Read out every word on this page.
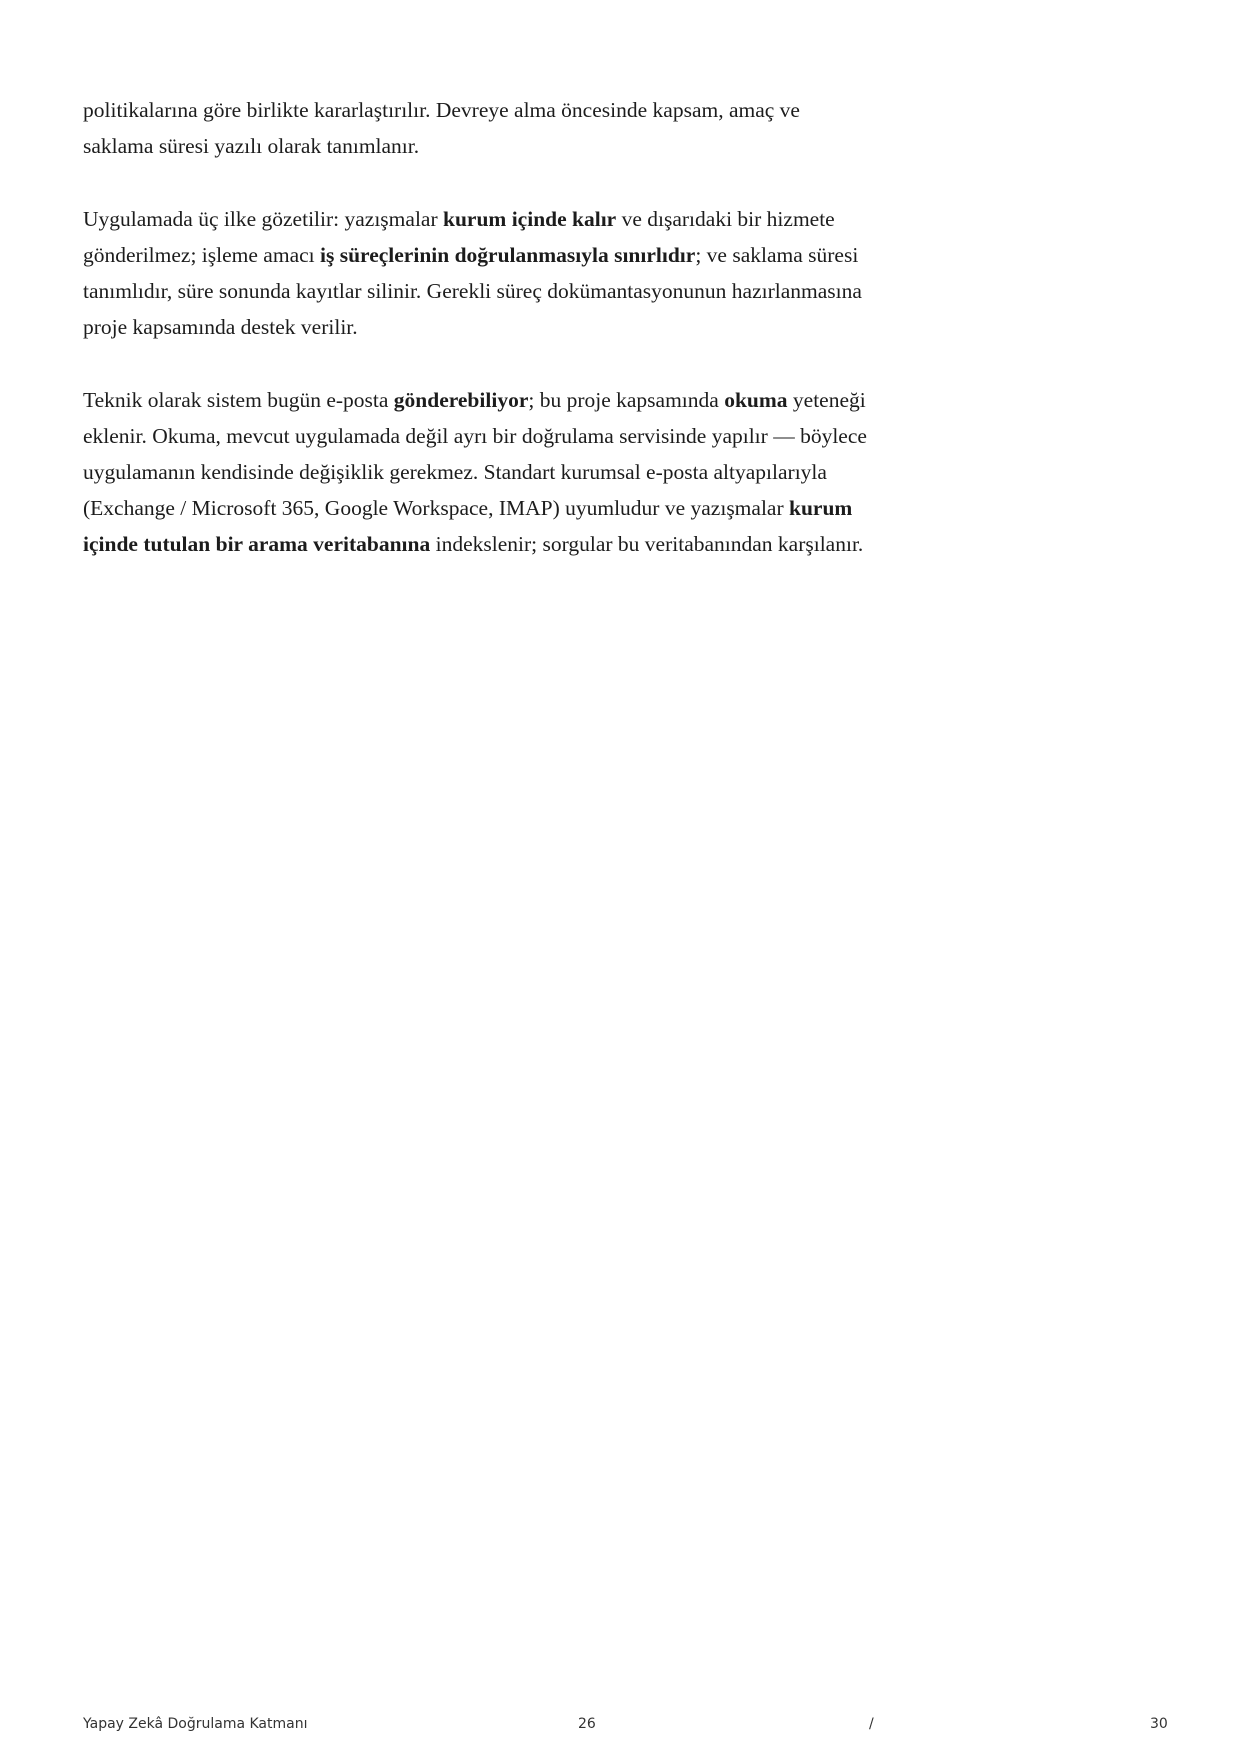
politikalarına göre birlikte kararlaştırılır. Devreye alma öncesinde kapsam, amaç ve saklama süresi yazılı olarak tanımlanır.

Uygulamada üç ilke gözetilir: yazışmalar kurum içinde kalır ve dışarıdaki bir hizmete gönderilmez; işleme amacı iş süreçlerinin doğrulanmasıyla sınırlıdır; ve saklama süresi tanımlıdır, süre sonunda kayıtlar silinir. Gerekli süreç dokümantasyonunun hazırlanmasına proje kapsamında destek verilir.

Teknik olarak sistem bugün e-posta gönderebiliyor; bu proje kapsamında okuma yeteneği eklenir. Okuma, mevcut uygulamada değil ayrı bir doğrulama servisinde yapılır — böylece uygulamanın kendisinde değişiklik gerekmez. Standart kurumsal e-posta altyapılarıyla (Exchange / Microsoft 365, Google Workspace, IMAP) uyumludur ve yazışmalar kurum içinde tutulan bir arama veritabanına indekslenir; sorgular bu veritabanından karşılanır.

Yapay Zekâ Doğrulama Katmanı	26	/	30
